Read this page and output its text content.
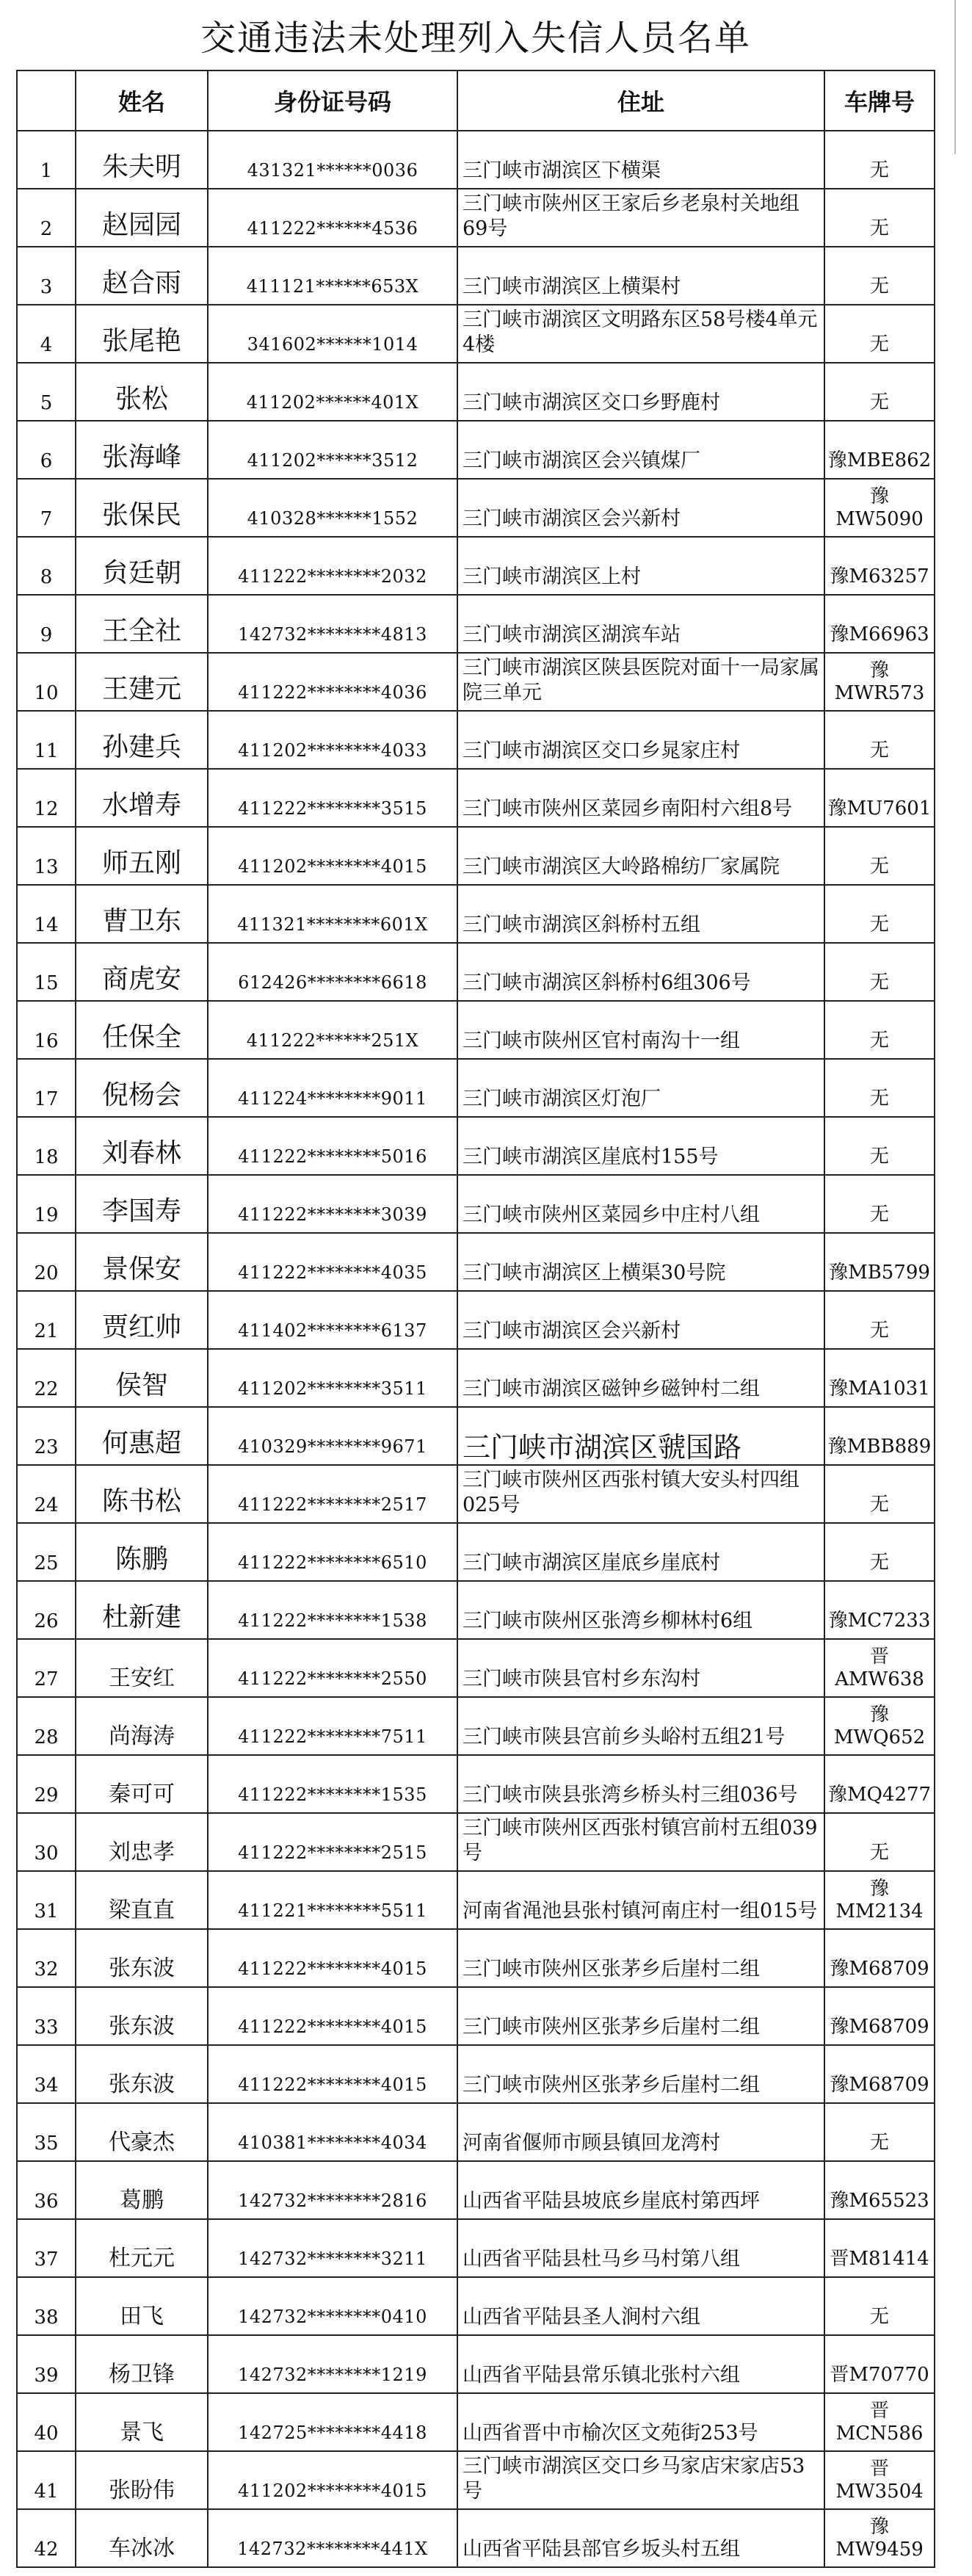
交通违法未处理列入失信人员名单				
	姓名	身份证号码	住址	车牌号
1	朱夫明	431321******0036	三门峡市湖滨区下横渠	无
2	赵园园	411222******4536	三门峡市陕州区王家后乡老泉村关地组69号	无
3	赵合雨	411121******653X	三门峡市湖滨区上横渠村	无
4	张尾艳	341602******1014	三门峡市湖滨区文明路东区58号楼4单元4楼	无
5	张松	411202******401X	三门峡市湖滨区交口乡野鹿村	无
6	张海峰	411202******3512	三门峡市湖滨区会兴镇煤厂	豫MBE862
7	张保民	410328******1552	三门峡市湖滨区会兴新村	豫MW5090
8	贠廷朝	411222********2032	三门峡市湖滨区上村	豫M63257
9	王全社	142732********4813	三门峡市湖滨区湖滨车站	豫M66963
10	王建元	411222********4036	三门峡市湖滨区陕县医院对面十一局家属院三单元	豫MWR573
11	孙建兵	411202********4033	三门峡市湖滨区交口乡晁家庄村	无
12	水增寿	411222********3515	三门峡市陕州区菜园乡南阳村六组8号	豫MU7601
13	师五刚	411202********4015	三门峡市湖滨区大岭路棉纺厂家属院	无
14	曹卫东	411321********601X	三门峡市湖滨区斜桥村五组	无
15	商虎安	612426********6618	三门峡市湖滨区斜桥村6组306号	无
16	任保全	411222******251X	三门峡市陕州区官村南沟十一组	无
17	倪杨会	411224********9011	三门峡市湖滨区灯泡厂	无
18	刘春林	411222********5016	三门峡市湖滨区崖底村155号	无
19	李国寿	411222********3039	三门峡市陕州区菜园乡中庄村八组	无
20	景保安	411222********4035	三门峡市湖滨区上横渠30号院	豫MB5799
21	贾红帅	411402********6137	三门峡市湖滨区会兴新村	无
22	侯智	411202********3511	三门峡市湖滨区磁钟乡磁钟村二组	豫MA1031
23	何惠超	410329********9671	三门峡市湖滨区虢国路	豫MBB889
24	陈书松	411222********2517	三门峡市陕州区西张村镇大安头村四组025号	无
25	陈鹏	411222********6510	三门峡市湖滨区崖底乡崖底村	无
26	杜新建	411222********1538	三门峡市陕州区张湾乡柳林村6组	豫MC7233
27	王安红	411222********2550	三门峡市陕县官村乡东沟村	晋AMW638
28	尚海涛	411222********7511	三门峡市陕县宫前乡头峪村五组21号	豫MWQ652
29	秦可可	411222********1535	三门峡市陕县张湾乡桥头村三组036号	豫MQ4277
30	刘忠孝	411222********2515	三门峡市陕州区西张村镇宫前村五组039号	无
31	梁直直	411221********5511	河南省渑池县张村镇河南庄村一组015号	豫MM2134
32	张东波	411222********4015	三门峡市陕州区张茅乡后崖村二组	豫M68709
33	张东波	411222********4015	三门峡市陕州区张茅乡后崖村二组	豫M68709
34	张东波	411222********4015	三门峡市陕州区张茅乡后崖村二组	豫M68709
35	代豪杰	410381********4034	河南省偃师市顾县镇回龙湾村	无
36	葛鹏	142732********2816	山西省平陆县坡底乡崖底村第西坪	豫M65523
37	杜元元	142732********3211	山西省平陆县杜马乡马村第八组	晋M81414
38	田飞	142732********0410	山西省平陆县圣人涧村六组	无
39	杨卫锋	142732********1219	山西省平陆县常乐镇北张村六组	晋M70770
40	景飞	142725********4418	山西省晋中市榆次区文苑街253号	晋MCN586
41	张盼伟	411202********4015	三门峡市湖滨区交口乡马家店宋家店53号	晋MW3504
42	车冰冰	142732********441X	山西省平陆县部官乡坂头村五组	豫MW9459
